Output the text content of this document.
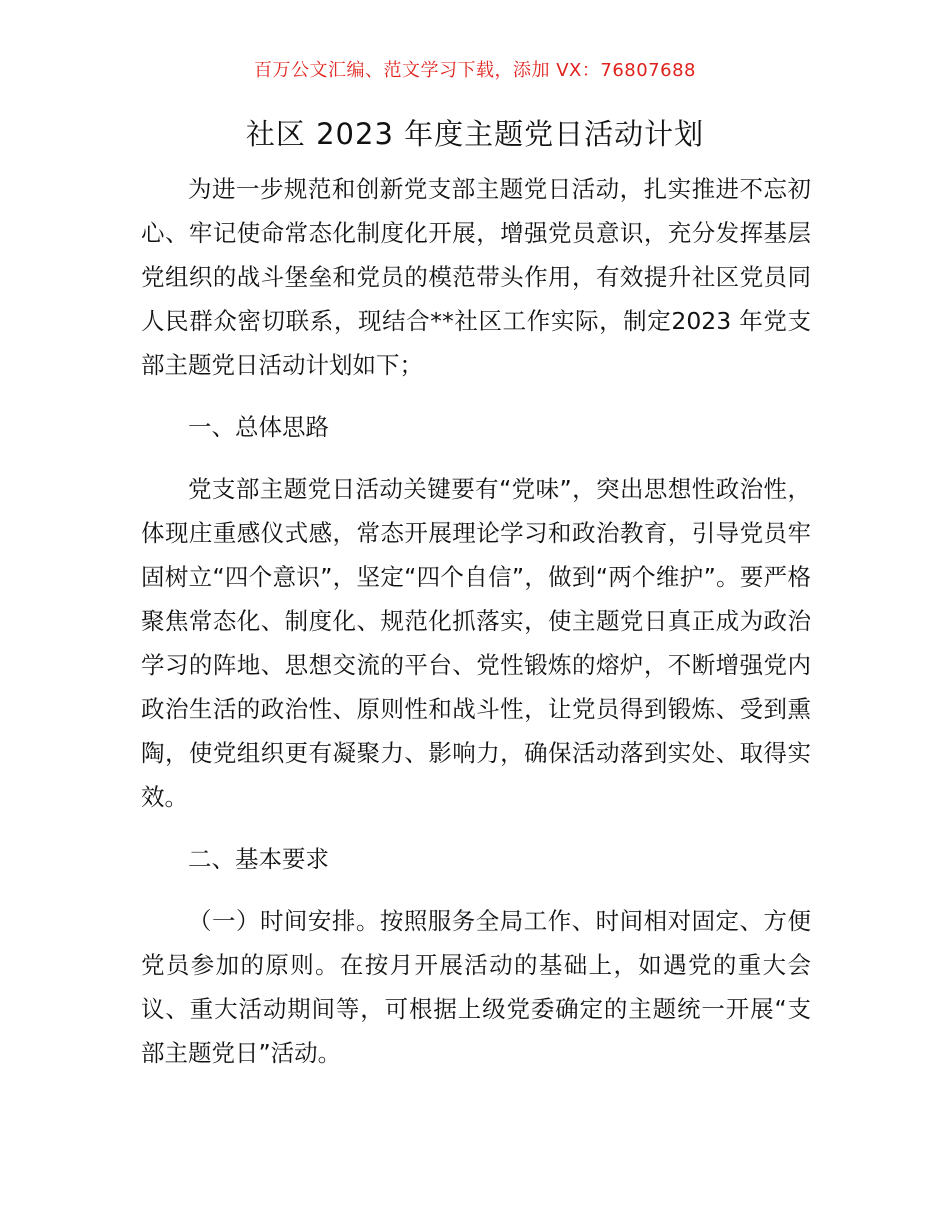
百万公文汇编、范文学习下载，添加 VX：76807688
社区 2023 年度主题党日活动计划

为进一步规范和创新党支部主题党日活动，扎实推进不忘初心、牢记使命常态化制度化开展，增强党员意识，充分发挥基层党组织的战斗堡垒和党员的模范带头作用，有效提升社区党员同人民群众密切联系，现结合**社区工作实际，制定2023 年党支部主题党日活动计划如下；

一、总体思路

党支部主题党日活动关键要有“党味”，突出思想性政治性，体现庄重感仪式感，常态开展理论学习和政治教育，引导党员牢固树立“四个意识”，坚定“四个自信”，做到“两个维护”。要严格聚焦常态化、制度化、规范化抓落实，使主题党日真正成为政治学习的阵地、思想交流的平台、党性锻炼的熔炉，不断增强党内政治生活的政治性、原则性和战斗性，让党员得到锻炼、受到熏陶，使党组织更有凝聚力、影响力，确保活动落到实处、取得实效。

二、基本要求

（一）时间安排。按照服务全局工作、时间相对固定、方便党员参加的原则。在按月开展活动的基础上，如遇党的重大会议、重大活动期间等，可根据上级党委确定的主题统一开展“支部主题党日”活动。
